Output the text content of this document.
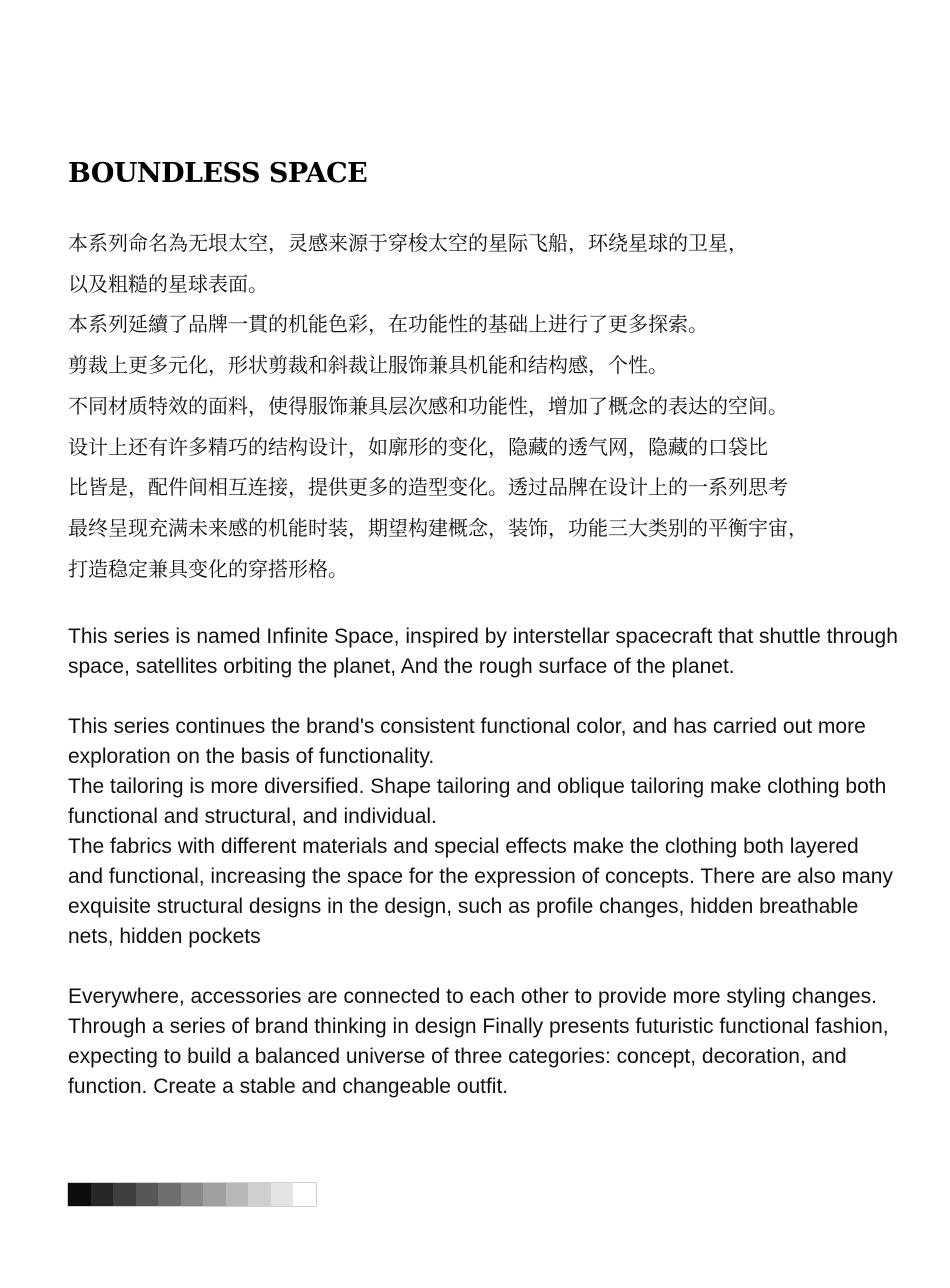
BOUNDLESS SPACE
本系列命名為无垠太空，灵感来源于穿梭太空的星际飞船，环绕星球的卫星，
以及粗糙的星球表面。
本系列延續了品牌一貫的机能色彩，在功能性的基础上进行了更多探索。
剪裁上更多元化，形状剪裁和斜裁让服饰兼具机能和结构感，个性。
不同材质特效的面料，使得服饰兼具层次感和功能性，增加了概念的表达的空间。
设计上还有许多精巧的结构设计，如廓形的变化，隐藏的透气网，隐藏的口袋比
比皆是，配件间相互连接，提供更多的造型变化。透过品牌在设计上的一系列思考
最终呈现充满未来感的机能时装，期望构建概念，装饰，功能三大类别的平衡宇宙，
打造稳定兼具变化的穿搭形格。

This series is named Infinite Space, inspired by interstellar spacecraft that shuttle through space, satellites orbiting the planet, And the rough surface of the planet.

This series continues the brand's consistent functional color, and has carried out more exploration on the basis of functionality.

The tailoring is more diversified. Shape tailoring and oblique tailoring make clothing both functional and structural, and individual.

The fabrics with different materials and special effects make the clothing both layered and functional, increasing the space for the expression of concepts. There are also many exquisite structural designs in the design, such as profile changes, hidden breathable nets, hidden pockets

Everywhere, accessories are connected to each other to provide more styling changes. Through a series of brand thinking in design Finally presents futuristic functional fashion, expecting to build a balanced universe of three categories: concept, decoration, and function. Create a stable and changeable outfit.
